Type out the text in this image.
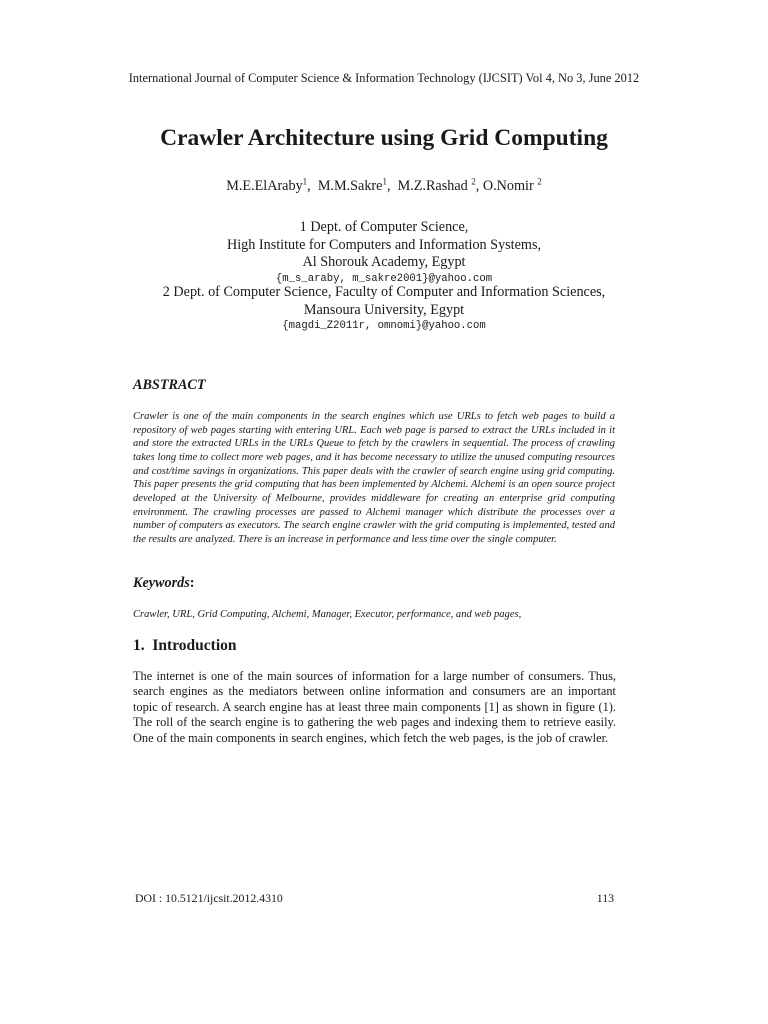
International Journal of Computer Science & Information Technology (IJCSIT) Vol 4, No 3, June 2012
Crawler Architecture using Grid Computing
M.E.ElAraby$^1$,  M.M.Sakre$^1$,  M.Z.Rashad $^2$, O.Nomir $^2$
1 Dept. of Computer Science,
High Institute for Computers and Information Systems,
Al Shorouk Academy, Egypt
{m_s_araby, m_sakre2001}@yahoo.com
2 Dept. of Computer Science, Faculty of Computer and Information Sciences,
Mansoura University, Egypt
{magdi_Z2011r, omnomi}@yahoo.com
ABSTRACT
Crawler is one of the main components in the search engines which use URLs to fetch web pages to build a repository of web pages starting with entering URL. Each web page is parsed to extract the URLs included in it and store the extracted URLs in the URLs Queue to fetch by the crawlers in sequential. The process of crawling takes long time to collect more web pages, and it has become necessary to utilize the unused computing resources and cost/time savings in organizations. This paper deals with the crawler of search engine using grid computing. This paper presents the grid computing that has been implemented by Alchemi. Alchemi is an open source project developed at the University of Melbourne, provides middleware for creating an enterprise grid computing environment. The crawling processes are passed to Alchemi manager which distribute the processes over a number of computers as executors. The search engine crawler with the grid computing is implemented, tested and the results are analyzed. There is an increase in performance and less time over the single computer.
Keywords:
Crawler, URL, Grid Computing, Alchemi, Manager, Executor, performance, and web pages,
1.  Introduction
The internet is one of the main sources of information for a large number of consumers. Thus, search engines as the mediators between online information and consumers are an important topic of research. A search engine has at least three main components [1] as shown in figure (1). The roll of the search engine is to gathering the web pages and indexing them to retrieve easily. One of the main components in search engines, which fetch the web pages, is the job of crawler.
DOI : 10.5121/ijcsit.2012.4310	113
